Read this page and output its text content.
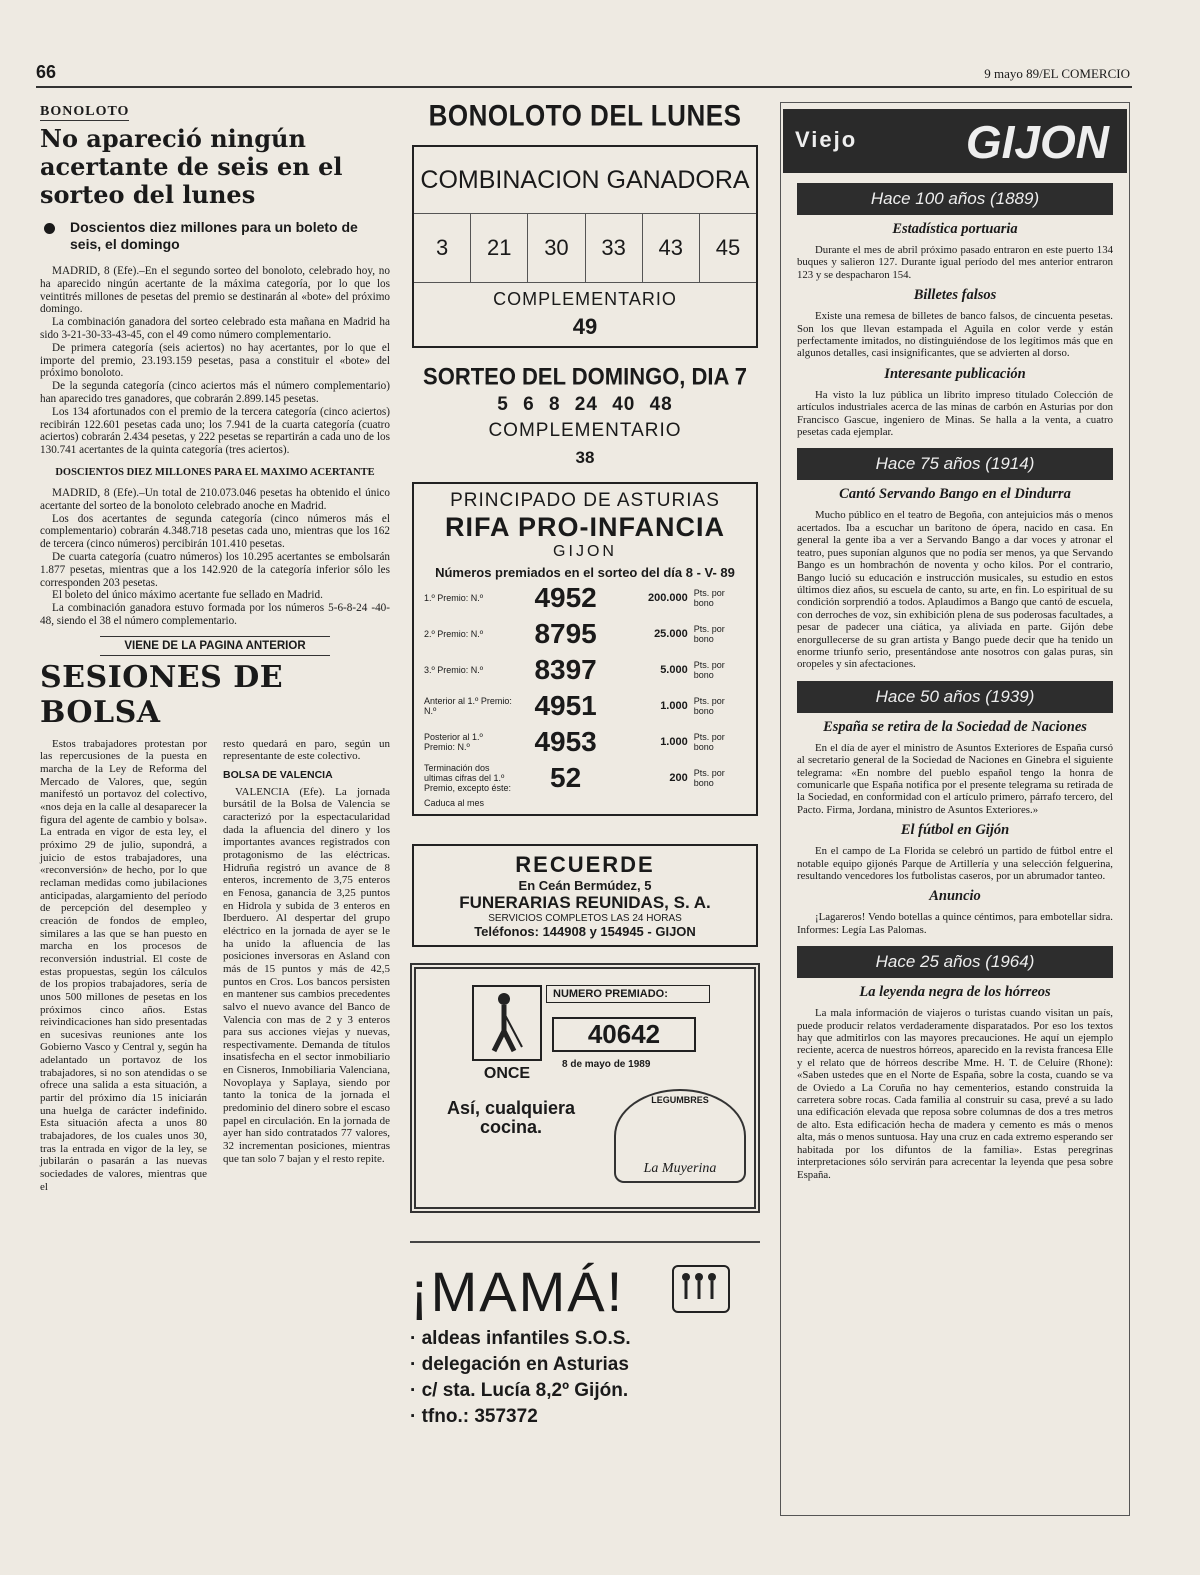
66	9 mayo 89/EL COMERCIO
BONOLOTO
No apareció ningún acertante de seis en el sorteo del lunes
Doscientos diez millones para un boleto de seis, el domingo

MADRID, 8 (Efe).–En el segundo sorteo del bonoloto, celebrado hoy, no ha aparecido ningún acertante de la máxima categoría, por lo que los veintitrés millones de pesetas del premio se destinarán al «bote» del próximo domingo.

La combinación ganadora del sorteo celebrado esta mañana en Madrid ha sido 3-21-30-33-43-45, con el 49 como número complementario.

De primera categoría (seis aciertos) no hay acertantes, por lo que el importe del premio, 23.193.159 pesetas, pasa a constituir el «bote» del próximo bonoloto.

De la segunda categoría (cinco aciertos más el número complementario) han aparecido tres ganadores, que cobrarán 2.899.145 pesetas.

Los 134 afortunados con el premio de la tercera categoría (cinco aciertos) recibirán 122.601 pesetas cada uno; los 7.941 de la cuarta categoría (cuatro aciertos) cobrarán 2.434 pesetas, y 222 pesetas se repartirán a cada uno de los 130.741 acertantes de la quinta categoría (tres aciertos).

DOSCIENTOS DIEZ MILLONES PARA EL MAXIMO ACERTANTE

MADRID, 8 (Efe).–Un total de 210.073.046 pesetas ha obtenido el único acertante del sorteo de la bonoloto celebrado anoche en Madrid.

Los dos acertantes de segunda categoría (cinco números más el complementario) cobrarán 4.348.718 pesetas cada uno, mientras que los 162 de tercera (cinco números) percibirán 101.410 pesetas.

De cuarta categoría (cuatro números) los 10.295 acertantes se embolsarán 1.877 pesetas, mientras que a los 142.920 de la categoría inferior sólo les corresponden 203 pesetas.

El boleto del único máximo acertante fue sellado en Madrid.

La combinación ganadora estuvo formada por los números 5-6-8-24 -40-48, siendo el 38 el número complementario.

VIENE DE LA PAGINA ANTERIOR
SESIONES DE BOLSA

Estos trabajadores protestan por las repercusiones de la puesta en marcha de la Ley de Reforma del Mercado de Valores, que, según manifestó un portavoz del colectivo, «nos deja en la calle al desaparecer la figura del agente de cambio y bolsa». La entrada en vigor de esta ley, el próximo 29 de julio, supondrá, a juicio de estos trabajadores, una «reconversión» de hecho, por lo que reclaman medidas como jubilaciones anticipadas, alargamiento del período de percepción del desempleo y creación de fondos de empleo, similares a las que se han puesto en marcha en los procesos de reconversión industrial. El coste de estas propuestas, según los cálculos de los propios trabajadores, sería de unos 500 millones de pesetas en los próximos cinco años. Estas reivindicaciones han sido presentadas en sucesivas reuniones ante los Gobierno Vasco y Central y, según ha adelantado un portavoz de los trabajadores, si no son atendidas o se ofrece una salida a esta situación, a partir del próximo día 15 iniciarán una huelga de carácter indefinido. Esta situación afecta a unos 80 trabajadores, de los cuales unos 30, tras la entrada en vigor de la ley, se jubilarán o pasarán a las nuevas sociedades de valores, mientras que el

resto quedará en paro, según un representante de este colectivo.

BOLSA DE VALENCIA

VALENCIA (Efe). La jornada bursátil de la Bolsa de Valencia se caracterizó por la espectacularidad dada la afluencia del dinero y los importantes avances registrados con protagonismo de las eléctricas. Hidruña registró un avance de 8 enteros, incremento de 3,75 enteros en Fenosa, ganancia de 3,25 puntos en Hidrola y subida de 3 enteros en Iberduero. Al despertar del grupo eléctrico en la jornada de ayer se le ha unido la afluencia de las posiciones inversoras en Asland con más de 15 puntos y más de 42,5 puntos en Cros. Los bancos persisten en mantener sus cambios precedentes salvo el nuevo avance del Banco de Valencia con mas de 2 y 3 enteros para sus acciones viejas y nuevas, respectivamente. Demanda de títulos insatisfecha en el sector inmobiliario en Cisneros, Inmobiliaria Valenciana, Novoplaya y Saplaya, siendo por tanto la tonica de la jornada el predominio del dinero sobre el escaso papel en circulación. En la jornada de ayer han sido contratados 77 valores, 32 incrementan posiciones, mientras que tan solo 7 bajan y el resto repite.

BONOLOTO DEL LUNES
COMBINACION GANADORA
3	21	30	33	43	45
COMPLEMENTARIO
49
SORTEO DEL DOMINGO, DIA 7
5 6 8 24 40 48
COMPLEMENTARIO
38
PRINCIPADO DE ASTURIAS
RIFA PRO-INFANCIA
GIJON
Números premiados en el sorteo del día 8 - V- 89
1.º Premio: N.º	4952	200.000 Pts. por bono
2.º Premio: N.º	8795	25.000 Pts. por bono
3.º Premio: N.º	8397	5.000 Pts. por bono
Anterior al 1.º Premio: N.º	4951	1.000 Pts. por bono
Posterior al 1.º Premio: N.º	4953	1.000 Pts. por bono
Terminación dos ultimas cifras del 1.º Premio, excepto éste:	52	200 Pts. por bono
Caduca al mes
RECUERDE
En Ceán Bermúdez, 5
FUNERARIAS REUNIDAS, S. A.
SERVICIOS COMPLETOS LAS 24 HORAS
Teléfonos: 144908 y 154945 - GIJON
ONCE
NUMERO PREMIADO:
40642
8 de mayo de 1989
Así, cualquiera cocina.
LEGUMBRES
La Muyerina
¡MAMÁ!
· aldeas infantiles S.O.S.
· delegación en Asturias
· c/ sta. Lucía 8,2º Gijón.
· tfno.: 357372
Viejo GIJON
Hace 100 años (1889)
Estadística portuaria

Durante el mes de abril próximo pasado entraron en este puerto 134 buques y salieron 127. Durante igual período del mes anterior entraron 123 y se despacharon 154.

Billetes falsos

Existe una remesa de billetes de banco falsos, de cincuenta pesetas. Son los que llevan estampada el Aguila en color verde y están perfectamente imitados, no distinguiéndose de los legítimos más que en algunos detalles, casi insignificantes, que se advierten al dorso.

Interesante publicación

Ha visto la luz pública un librito impreso titulado Colección de artículos industriales acerca de las minas de carbón en Asturias por don Francisco Gascue, ingeniero de Minas. Se halla a la venta, a cuatro pesetas cada ejemplar.

Hace 75 años (1914)
Cantó Servando Bango en el Dindurra

Mucho público en el teatro de Begoña, con antejuicios más o menos acertados. Iba a escuchar un barítono de ópera, nacido en casa. En general la gente iba a ver a Servando Bango a dar voces y atronar el teatro, pues suponían algunos que no podía ser menos, ya que Servando Bango es un hombrachón de noventa y ocho kilos. Por el contrario, Bango lució su educación e instrucción musicales, su estudio en estos últimos diez años, su escuela de canto, su arte, en fin. Lo espiritual de su condición sorprendió a todos. Aplaudimos a Bango que cantó de escuela, con derroches de voz, sin exhibición plena de sus poderosas facultades, a pesar de padecer una ciática, ya aliviada en parte. Gijón debe enorgullecerse de su gran artista y Bango puede decir que ha tenido un enorme triunfo serio, presentándose ante nosotros con galas puras, sin oropeles y sin afectaciones.

Hace 50 años (1939)
España se retira de la Sociedad de Naciones

En el día de ayer el ministro de Asuntos Exteriores de España cursó al secretario general de la Sociedad de Naciones en Ginebra el siguiente telegrama: «En nombre del pueblo español tengo la honra de comunicarle que España notifica por el presente telegrama su retirada de la Sociedad, en conformidad con el artículo primero, párrafo tercero, del Pacto. Firma, Jordana, ministro de Asuntos Exteriores.»

El fútbol en Gijón

En el campo de La Florida se celebró un partido de fútbol entre el notable equipo gijonés Parque de Artillería y una selección felguerina, resultando vencedores los futbolistas caseros, por un abrumador tanteo.

Anuncio

¡Lagareros! Vendo botellas a quince céntimos, para embotellar sidra. Informes: Legía Las Palomas.

Hace 25 años (1964)
La leyenda negra de los hórreos

La mala información de viajeros o turistas cuando visitan un país, puede producir relatos verdaderamente disparatados. Por eso los textos hay que admitirlos con las mayores precauciones. He aquí un ejemplo reciente, acerca de nuestros hórreos, aparecido en la revista francesa Elle y el relato que de hórreos describe Mme. H. T. de Celuire (Rhone): «Saben ustedes que en el Norte de España, sobre la costa, cuando se va de Oviedo a La Coruña no hay cementerios, estando construida la carretera sobre rocas. Cada familia al construir su casa, prevé a su lado una edificación elevada que reposa sobre columnas de dos a tres metros de alto. Esta edificación hecha de madera y cemento es más o menos alta, más o menos suntuosa. Hay una cruz en cada extremo esperando ser habitada por los difuntos de la familia». Estas peregrinas interpretaciones sólo servirán para acrecentar la leyenda que pesa sobre España.
